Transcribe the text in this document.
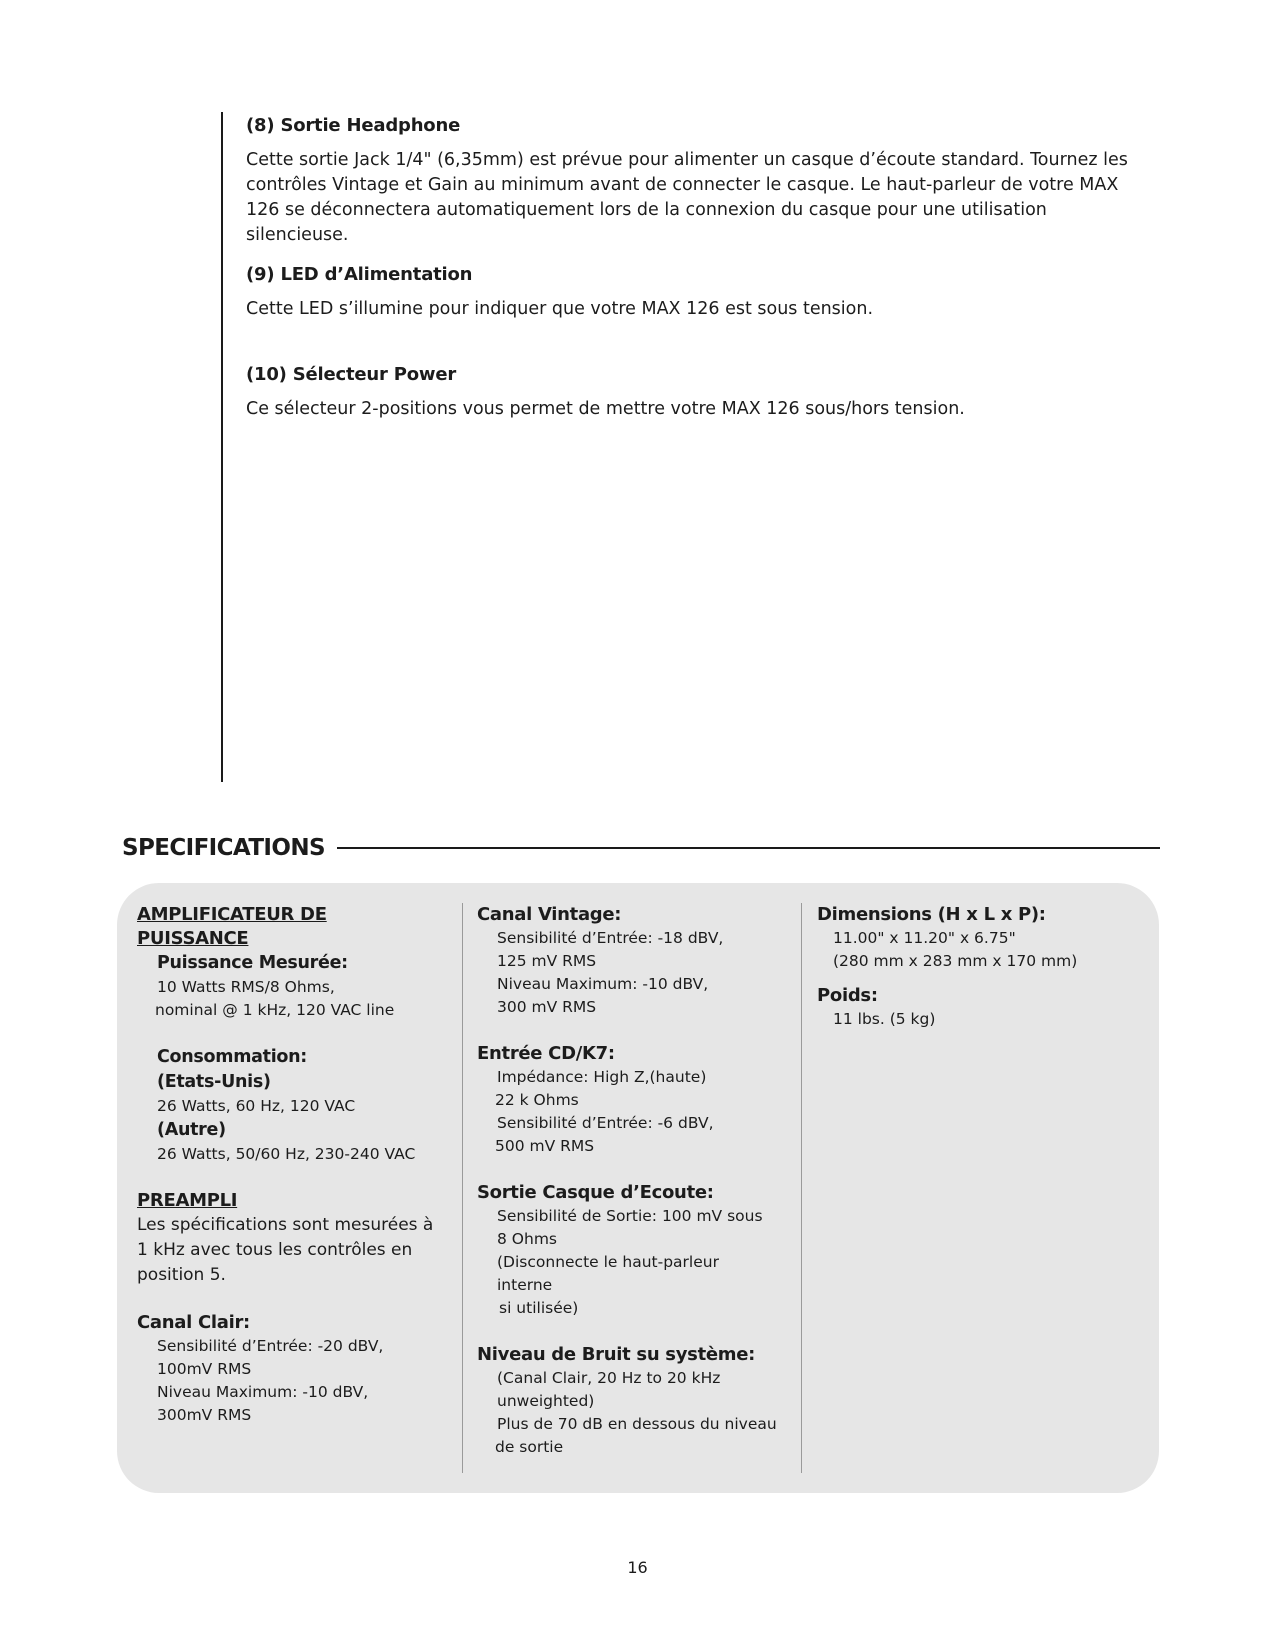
(8) Sortie Headphone

Cette sortie Jack 1/4" (6,35mm) est prévue pour alimenter un casque d’écoute standard. Tournez les contrôles Vintage et Gain au minimum avant de connecter le casque. Le haut-parleur de votre MAX 126 se déconnectera automatiquement lors de la connexion du casque pour une utilisation silencieuse.

(9) LED d’Alimentation

Cette LED s’illumine pour indiquer que votre MAX 126 est sous tension.

(10) Sélecteur Power

Ce sélecteur 2-positions vous permet de mettre votre MAX 126 sous/hors tension.

SPECIFICATIONS
AMPLIFICATEUR DE PUISSANCE
Puissance Mesurée:
10 Watts RMS/8 Ohms,
nominal @ 1 kHz, 120 VAC line
Consommation:
(Etats-Unis)
26 Watts, 60 Hz, 120 VAC
(Autre)
26 Watts, 50/60 Hz, 230-240 VAC
PREAMPLI
Les spécifications sont mesurées à
1 kHz avec tous les contrôles en
position 5.
Canal Clair:
Sensibilité d’Entrée: -20 dBV,
100mV RMS
Niveau Maximum: -10 dBV,
300mV RMS
Canal Vintage:
Sensibilité d’Entrée: -18 dBV,
125 mV RMS
Niveau Maximum: -10 dBV,
300 mV RMS
Entrée CD/K7:
Impédance: High Z,(haute)
22 k Ohms
Sensibilité d’Entrée: -6 dBV,
500 mV RMS
Sortie Casque d’Ecoute:
Sensibilité de Sortie: 100 mV sous
8 Ohms
(Disconnecte le haut-parleur interne
si utilisée)
Niveau de Bruit su système:
(Canal Clair, 20 Hz to 20 kHz
unweighted)
Plus de 70 dB en dessous du niveau
de sortie
Dimensions (H x L x P):
11.00" x 11.20" x 6.75"
(280 mm x 283 mm x 170 mm)
Poids:
11 lbs. (5 kg)
16
